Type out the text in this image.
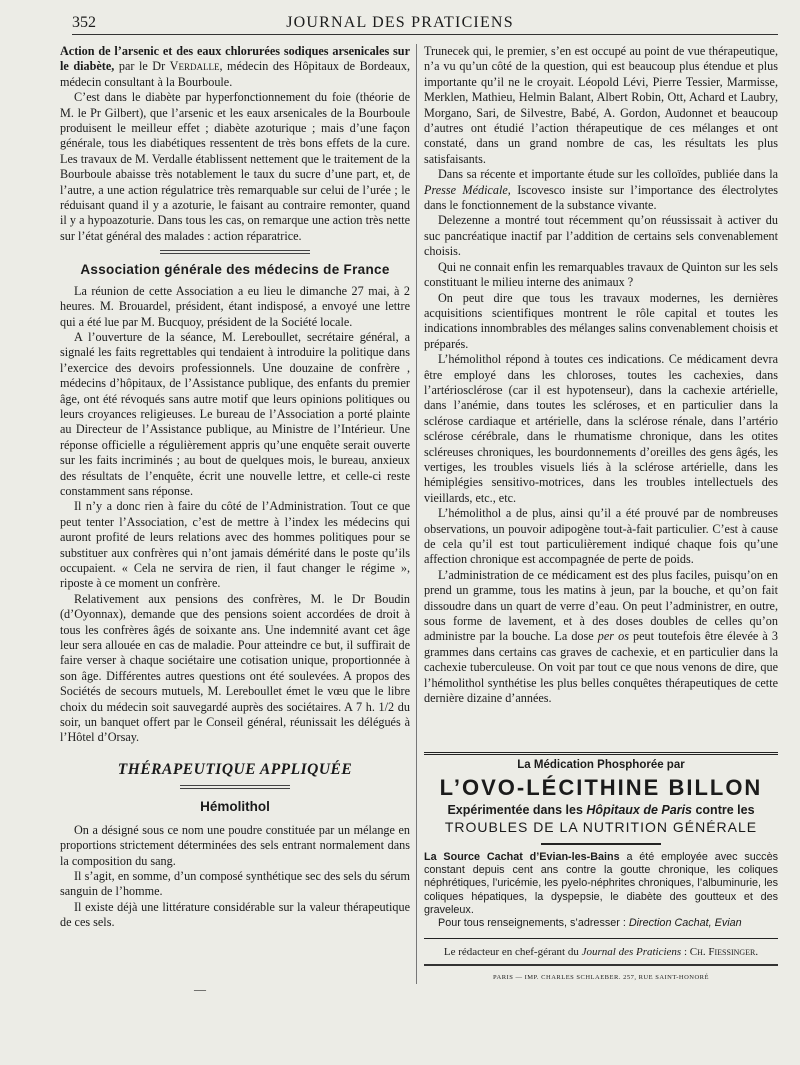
352	JOURNAL DES PRATICIENS

Action de l’arsenic et des eaux chlorurées sodiques arsenicales sur le diabète, par le Dr Verdalle, médecin des Hôpitaux de Bordeaux, médecin consultant à la Bourboule.

C’est dans le diabète par hyperfonctionnement du foie (théorie de M. le Pr Gilbert), que l’arsenic et les eaux arsenicales de la Bourboule produisent le meilleur effet ; diabète azoturique ; mais d’une façon générale, tous les diabétiques ressentent de très bons effets de la cure. Les travaux de M. Verdalle établissent nettement que le traitement de la Bourboule abaisse très notablement le taux du sucre d’une part, et, de l’autre, a une action régulatrice très remarquable sur celui de l’urée ; le réduisant quand il y a azoturie, le faisant au contraire remonter, quand il y a hypoazoturie. Dans tous les cas, on remarque une action très nette sur l’état général des malades : action réparatrice.

Association générale des médecins de France

La réunion de cette Association a eu lieu le dimanche 27 mai, à 2 heures. M. Brouardel, président, étant indisposé, a envoyé une lettre qui a été lue par M. Bucquoy, président de la Société locale.

A l’ouverture de la séance, M. Lereboullet, secrétaire général, a signalé les faits regrettables qui tendaient à introduire la politique dans l’exercice des devoirs professionnels. Une douzaine de confrère , médecins d’hôpitaux, de l’Assistance publique, des enfants du premier âge, ont été révoqués sans autre motif que leurs opinions politiques ou leurs croyances religieuses. Le bureau de l’Association a porté plainte au Directeur de l’Assistance publique, au Ministre de l’Intérieur. Une réponse officielle a régulièrement appris qu’une enquête serait ouverte sur les faits incriminés ; au bout de quelques mois, le bureau, anxieux des résultats de l’enquête, écrit une nouvelle lettre, et celle-ci reste constamment sans réponse.

Il n’y a donc rien à faire du côté de l’Administration. Tout ce que peut tenter l’Association, c’est de mettre à l’index les médecins qui auront profité de leurs relations avec des hommes politiques pour se substituer aux confrères qui n’ont jamais démérité dans le poste qu’ils occupaient. « Cela ne servira de rien, il faut changer le régime », riposte à ce moment un confrère.

Relativement aux pensions des confrères, M. le Dr Boudin (d’Oyonnax), demande que des pensions soient accordées de droit à tous les confrères âgés de soixante ans. Une indemnité avant cet âge leur sera allouée en cas de maladie. Pour atteindre ce but, il suffirait de faire verser à chaque sociétaire une cotisation unique, proportionnée à son âge. Différentes autres questions ont été soulevées. A propos des Sociétés de secours mutuels, M. Lereboullet émet le vœu que le libre choix du médecin soit sauvegardé auprès des sociétaires. A 7 h. 1/2 du soir, un banquet offert par le Conseil général, réunissait les délégués à l’Hôtel d’Orsay.

THÉRAPEUTIQUE APPLIQUÉE
Hémolithol

On a désigné sous ce nom une poudre constituée par un mélange en proportions strictement déterminées des sels entrant normalement dans la composition du sang.

Il s’agit, en somme, d’un composé synthétique sec des sels du sérum sanguin de l’homme.

Il existe déjà une littérature considérable sur la valeur thérapeutique de ces sels.

—

Trunecek qui, le premier, s’en est occupé au point de vue thérapeutique, n’a vu qu’un côté de la question, qui est beaucoup plus étendue et plus importante qu’il ne le croyait. Léopold Lévi, Pierre Tessier, Marmisse, Merklen, Mathieu, Helmin Balant, Albert Robin, Ott, Achard et Laubry, Morgano, Sari, de Silvestre, Babé, A. Gordon, Audonnet et beaucoup d’autres ont étudié l’action thérapeutique de ces mélanges et ont constaté, dans un grand nombre de cas, les résultats les plus satisfaisants.

Dans sa récente et importante étude sur les colloïdes, publiée dans la Presse Médicale, Iscovesco insiste sur l’importance des électrolytes dans le fonctionnement de la substance vivante.

Delezenne a montré tout récemment qu’on réussissait à activer du suc pancréatique inactif par l’addition de certains sels convenablement choisis.

Qui ne connait enfin les remarquables travaux de Quinton sur les sels constituant le milieu interne des animaux ?

On peut dire que tous les travaux modernes, les dernières acquisitions scientifiques montrent le rôle capital et toutes les indications innombrables des mélanges salins convenablement choisis et préparés.

L’hémolithol répond à toutes ces indications. Ce médicament devra être employé dans les chloroses, toutes les cachexies, dans l’artériosclérose (car il est hypotenseur), dans la cachexie artérielle, dans l’anémie, dans toutes les scléroses, et en particulier dans la sclérose cardiaque et artérielle, dans la sclérose rénale, dans l’artério sclérose cérébrale, dans le rhumatisme chronique, dans les otites scléreuses chroniques, les bourdonnements d’oreilles des gens âgés, les vertiges, les troubles visuels liés à la sclérose artérielle, dans les hémiplégies sensitivo-motrices, dans les troubles intellectuels des vieillards, etc., etc.

L’hémolithol a de plus, ainsi qu’il a été prouvé par de nombreuses observations, un pouvoir adipogène tout-à-fait particulier. C’est à cause de cela qu’il est tout particulièrement indiqué chaque fois qu’une affection chronique est accompagnée de perte de poids.

L’administration de ce médicament est des plus faciles, puisqu’on en prend un gramme, tous les matins à jeun, par la bouche, et qu’on fait dissoudre dans un quart de verre d’eau. On peut l’administrer, en outre, sous forme de lavement, et à des doses doubles de celles qu’on administre par la bouche. La dose per os peut toutefois être élevée à 3 grammes dans certains cas graves de cachexie, et en particulier dans la cachexie tuberculeuse. On voit par tout ce que nous venons de dire, que l’hémolithol synthétise les plus belles conquêtes thérapeutiques de cette dernière dizaine d’années.

La Médication Phosphorée par
L’OVO-LÉCITHINE BILLON
Expérimentée dans les Hôpitaux de Paris contre les
TROUBLES DE LA NUTRITION GÉNÉRALE

La Source Cachat d’Evian-les-Bains a été employée avec succès constant depuis cent ans contre la goutte chronique, les coliques néphrétiques, l’uricémie, les pyelo-néphrites chroniques, l’albuminurie, les coliques hépatiques, la dyspepsie, le diabète des goutteux et des graveleux.

Pour tous renseignements, s’adresser : Direction Cachat, Evian

Le rédacteur en chef-gérant du Journal des Praticiens : Ch. Fiessinger.
PARIS — IMP. CHARLES SCHLAEBER. 257, RUE SAINT-HONORÉ
